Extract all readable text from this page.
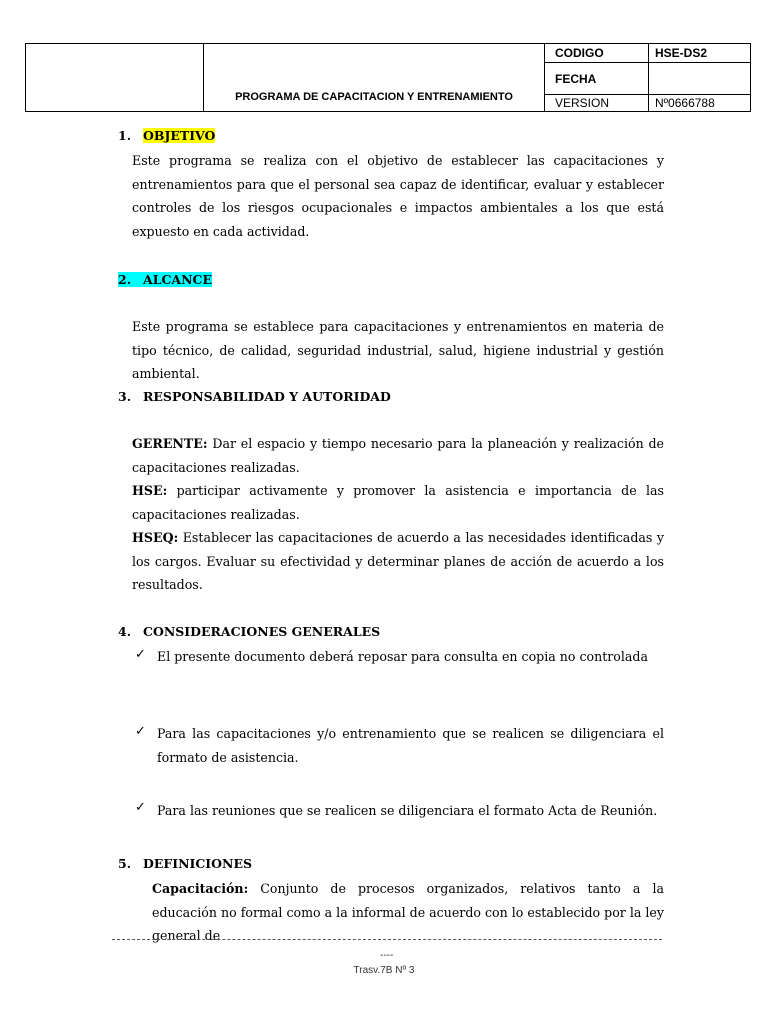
	PROGRAMA DE CAPACITACION Y ENTRENAMIENTO	CODIGO	HSE-DS2
		FECHA	
		VERSION	Nº0666788
1. OBJETIVO
Este programa se realiza con el objetivo de establecer las capacitaciones y entrenamientos para que el personal sea capaz de identificar, evaluar y establecer controles de los riesgos ocupacionales e impactos ambientales a los que está expuesto en cada actividad.
2. ALCANCE
Este programa se establece para capacitaciones y entrenamientos en materia de tipo técnico, de calidad, seguridad industrial, salud, higiene industrial y gestión ambiental.
3. RESPONSABILIDAD Y AUTORIDAD
GERENTE: Dar el espacio y tiempo necesario para la planeación y realización de capacitaciones realizadas.
HSE: participar activamente y promover la asistencia e importancia de las capacitaciones realizadas.
HSEQ: Establecer las capacitaciones de acuerdo a las necesidades identificadas y los cargos. Evaluar su efectividad y determinar planes de acción de acuerdo a los resultados.
4. CONSIDERACIONES GENERALES
✓ El presente documento deberá reposar para consulta en copia no controlada
✓ Para las capacitaciones y/o entrenamiento que se realicen se diligenciara el formato de asistencia.
✓ Para las reuniones que se realicen se diligenciara el formato Acta de Reunión.
5. DEFINICIONES
Capacitación: Conjunto de procesos organizados, relativos tanto a la educación no formal como a la informal de acuerdo con lo establecido por la ley general de
----
Trasv.7B Nº 3
